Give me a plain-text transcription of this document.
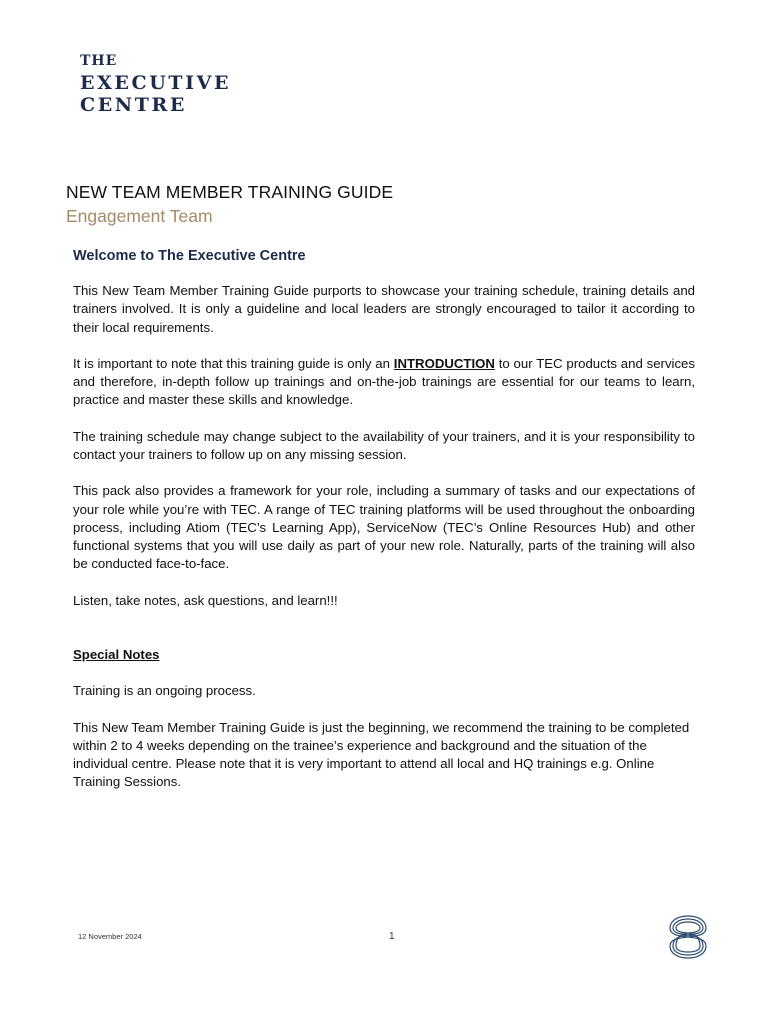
THE
EXECUTIVE
CENTRE
NEW TEAM MEMBER TRAINING GUIDE
Engagement Team
Welcome to The Executive Centre

This New Team Member Training Guide purports to showcase your training schedule, training details and trainers involved. It is only a guideline and local leaders are strongly encouraged to tailor it according to their local requirements.

It is important to note that this training guide is only an INTRODUCTION to our TEC products and services and therefore, in-depth follow up trainings and on-the-job trainings are essential for our teams to learn, practice and master these skills and knowledge.

The training schedule may change subject to the availability of your trainers, and it is your responsibility to contact your trainers to follow up on any missing session.

This pack also provides a framework for your role, including a summary of tasks and our expectations of your role while you’re with TEC. A range of TEC training platforms will be used throughout the onboarding process, including Atiom (TEC’s Learning App), ServiceNow (TEC’s Online Resources Hub) and other functional systems that you will use daily as part of your new role. Naturally, parts of the training will also be conducted face-to-face.

Listen, take notes, ask questions, and learn!!!

Special Notes

Training is an ongoing process.

This New Team Member Training Guide is just the beginning, we recommend the training to be completed within 2 to 4 weeks depending on the trainee’s experience and background and the situation of the individual centre. Please note that it is very important to attend all local and HQ trainings e.g. Online Training Sessions.

12 November 2024	1
